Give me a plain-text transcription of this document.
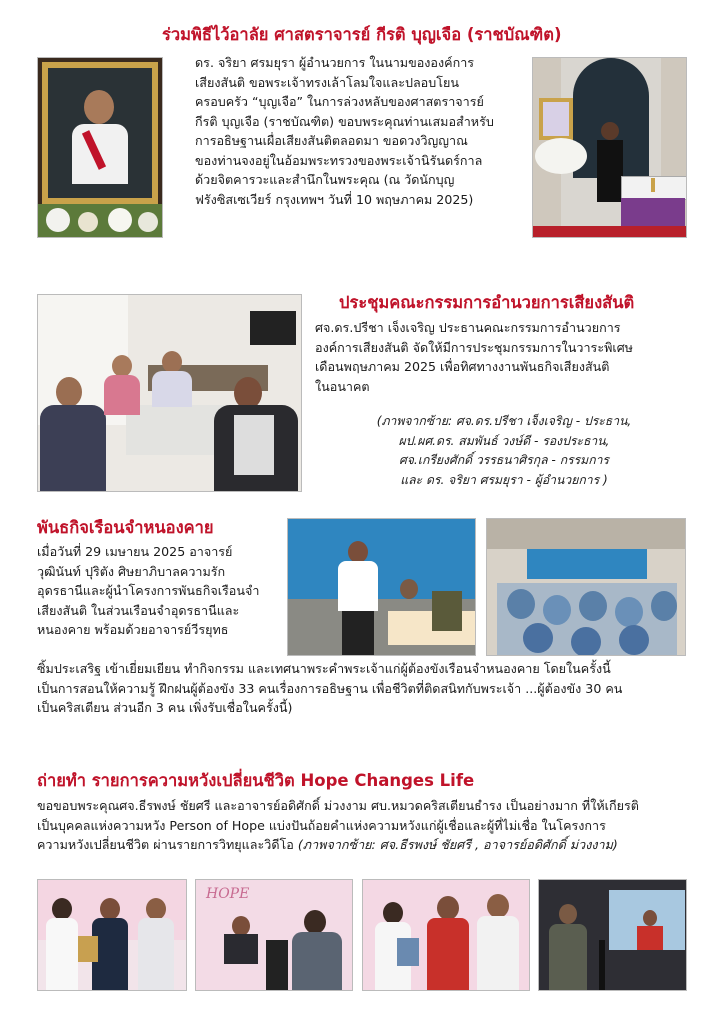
ร่วมพิธีไว้อาลัย ศาสตราจารย์ กีรติ บุญเจือ (ราชบัณฑิต)
ดร. จริยา ศรมยุรา ผู้อำนวยการ ในนามขององค์การ
เสียงสันติ ขอพระเจ้าทรงเล้าโลมใจและปลอบโยน
ครอบครัว “บุญเจือ” ในการล่วงหลับของศาสตราจารย์
กีรติ บุญเจือ (ราชบัณฑิต) ขอบพระคุณท่านเสมอสำหรับ
การอธิษฐานเผื่อเสียงสันติตลอดมา ขอดวงวิญญาณ
ของท่านจงอยู่ในอ้อมพระทรวงของพระเจ้านิรันดร์กาล
ด้วยจิตคารวะและสำนึกในพระคุณ (ณ วัดนักบุญ
ฟรังซิสเซเวียร์ กรุงเทพฯ วันที่ 10 พฤษภาคม 2025)
ประชุมคณะกรรมการอำนวยการเสียงสันติ
ศจ.ดร.ปรีชา เจ็งเจริญ ประธานคณะกรรมการอำนวยการ
องค์การเสียงสันติ จัดให้มีการประชุมกรรมการในวาระพิเศษ
เดือนพฤษภาคม 2025 เพื่อทิศทางงานพันธกิจเสียงสันติ
ในอนาคต
(ภาพจากซ้าย: ศจ.ดร.ปรีชา เจ็งเจริญ - ประธาน,
ผป.ผศ.ดร. สมพันธ์ วงษ์ดี - รองประธาน,
ศจ.เกรียงศักดิ์ วรรธนาศิรกุล - กรรมการ
และ ดร. จริยา ศรมยุรา - ผู้อำนวยการ )
พันธกิจเรือนจำหนองคาย
เมื่อวันที่ 29 เมษายน 2025 อาจารย์
วุฒินันท์ ปุริตัง ศิษยาภิบาลความรัก
อุดรธานีและผู้นำโครงการพันธกิจเรือนจำ
เสียงสันติ ในส่วนเรือนจำอุดรธานีและ
หนองคาย พร้อมด้วยอาจารย์วีรยุทธ
ซิ้มประเสริฐ เข้าเยี่ยมเยียน ทำกิจกรรม และเทศนาพระคำพระเจ้าแก่ผู้ต้องขังเรือนจำหนองคาย โดยในครั้งนี้
เป็นการสอนให้ความรู้ ฝึกฝนผู้ต้องขัง 33 คนเรื่องการอธิษฐาน เพื่อชีวิตที่ติดสนิทกับพระเจ้า ...ผู้ต้องขัง 30 คน
เป็นคริสเตียน ส่วนอีก 3 คน เพิ่งรับเชื่อในครั้งนี้)
ถ่ายทำ รายการความหวังเปลี่ยนชีวิต Hope Changes Life
ขอขอบพระคุณศจ.ธีรพงษ์ ชัยศรี และอาจารย์อดิศักดิ์ ม่วงงาม ศบ.หมวดคริสเตียนธำรง เป็นอย่างมาก ที่ให้เกียรติ
เป็นบุคคลแห่งความหวัง Person of Hope แบ่งปันถ้อยคำแห่งความหวังแก่ผู้เชื่อและผู้ที่ไม่เชื่อ ในโครงการ
ความหวังเปลี่ยนชีวิต ผ่านรายการวิทยุและวิดีโอ (ภาพจากซ้าย: ศจ.ธีรพงษ์ ชัยศรี , อาจารย์อดิศักดิ์ ม่วงงาม)
HOPE
